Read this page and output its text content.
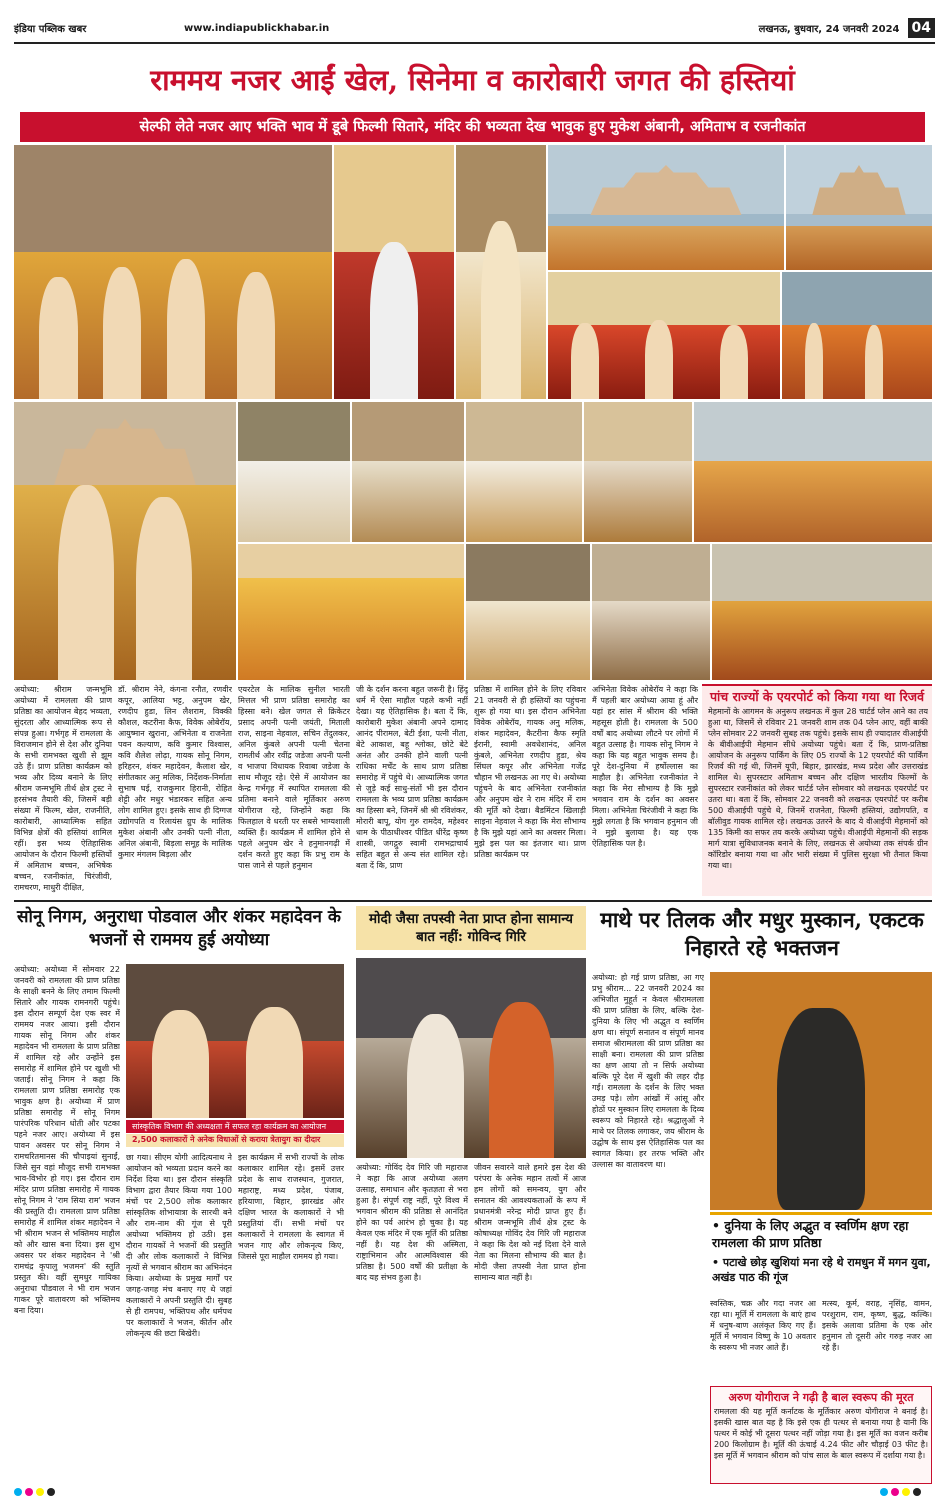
इंडिया पब्लिक खबर	www.indiapublickhabar.in	लखनऊ, बुधवार, 24 जनवरी 2024 04
राममय नजर आईं खेल, सिनेमा व कारोबारी जगत की हस्तियां
सेल्फी लेते नजर आए भक्ति भाव में डूबे फिल्मी सितारे, मंदिर की भव्यता देख भावुक हुए मुकेश अंबानी, अमिताभ व रजनीकांत
अयोध्या: श्रीराम जन्मभूमि अयोध्या में रामलला की प्राण प्रतिष्ठा का आयोजन बेहद भव्यता, सुंदरता और आध्यात्मिक रूप से संपन्न हुआ। गर्भगृह में रामलला के विराजमान होने से देश और दुनिया के सभी रामभक्त खुशी से झूम उठे हैं। प्राण प्रतिष्ठा कार्यक्रम को भव्य और दिव्य बनाने के लिए श्रीराम जन्मभूमि तीर्थ क्षेत्र ट्रस्ट ने हरसंभव तैयारी की, जिसमें बड़ी संख्या में फिल्म, खेल, राजनीति, कारोबारी, आध्यात्मिक सहित विभिन्न क्षेत्रों की हस्तियां शामिल रहीं। इस भव्य ऐतिहासिक आयोजन के दौरान फिल्मी हस्तियों में अमिताभ बच्चन, अभिषेक बच्चन, रजनीकांत, चिरंजीवी, रामचरण, माधुरी दीक्षित,
डॉ. श्रीराम नेने, कंगना रनौत, रणवीर कपूर, आलिया भट्ट, अनुपम खेर, रणदीप हुडा, लिन लैशराम, विक्की कौशल, कटरीना कैफ, विवेक ओबेरॉय, आयुष्मान खुराना, अभिनेता व राजनेता पवन कल्याण, कवि कुमार विश्वास, कवि शैलेश लोढ़ा, गायक सोनू निगम, हरिहरन, शंकर महादेवन, कैलाश खेर, संगीतकार अनु मलिक, निर्देशक-निर्माता सुभाष घई, राजकुमार हिरानी, रोहित शेट्टी और मधुर भंडारकर सहित अन्य लोग शामिल हुए। इसके साथ ही दिग्गज उद्योगपति व रिलायंस ग्रुप के मालिक मुकेश अंबानी और उनकी पत्नी नीता, अनिल अंबानी, बिड़ला समूह के मालिक कुमार मंगलम बिड़ला और
एयरटेल के मालिक सुनील भारती मित्तल भी प्राण प्रतिष्ठा समारोह का हिस्सा बने। खेल जगत से क्रिकेटर प्रसाद अपनी पत्नी जयंती, मिताली राज, साइना नेहवाल, सचिन तेंदुलकर, अनिल कुंबले अपनी पत्नी चेतना रामतीर्थ और रवींद्र जडेजा अपनी पत्नी व भाजपा विधायक रिवाबा जडेजा के साथ मौजूद रहे। ऐसे में आयोजन का केन्द्र गर्भगृह में स्थापित रामलला की प्रतिमा बनाने वाले मूर्तिकार अरुण योगीराज रहे, जिन्होंने कहा कि फिलहाल वे धरती पर सबसे भाग्यशाली व्यक्ति हैं। कार्यक्रम में शामिल होने से पहले अनुपम खेर ने हनुमानगढ़ी में दर्शन करते हुए कहा कि प्रभु राम के पास जाने से पहले हनुमान
जी के दर्शन करना बहुत जरूरी है। हिंदू धर्म में ऐसा माहौल पहले कभी नहीं देखा। यह ऐतिहासिक है। बता दें कि, कारोबारी मुकेश अंबानी अपने दामाद आनंद पीरामल, बेटी ईशा, पत्नी नीता, बेटे आकाश, बहू श्लोका, छोटे बेटे अनंत और उनकी होने वाली पत्नी राधिका मर्चेंट के साथ प्राण प्रतिष्ठा समारोह में पहुंचे थे। आध्यात्मिक जगत से जुड़े कई साधु-संतों भी इस दौरान रामलला के भव्य प्राण प्रतिष्ठा कार्यक्रम का हिस्सा बने, जिनमें श्री श्री रविशंकर, मोरारी बापू, योग गुरु रामदेव, महेश्वर धाम के पीठाधीश्वर पीडित धीरेंद्र कृष्ण शास्त्री, जगद्गुरु स्वामी रामभद्राचार्य सहित बहुत से अन्य संत शामिल रहे। बता दें कि, प्राण
प्रतिष्ठा में शामिल होने के लिए रविवार 21 जनवरी से ही हस्तियों का पहुंचना शुरू हो गया था। इस दौरान अभिनेता विवेक ओबेरॉय, गायक अनु मलिक, शंकर महादेवन, कैटरीना कैफ स्मृति ईरानी, स्वामी अवधेशानंद, अनिल कुंबले, अभिनेता रणदीप हुडा, श्रेय सिंघल कपूर और अभिनेता गजेंद्र चौहान भी लखनऊ आ गए थे। अयोध्या पहुंचने के बाद अभिनेता रजनीकांत और अनुपम खेर ने राम मंदिर में राम की मूर्ति को देखा। बैडमिंटन खिलाड़ी साइना नेहवाल ने कहा कि मेरा सौभाग्य है कि मुझे यहां आने का अवसर मिला। मुझे इस पल का इंतजार था। प्राण प्रतिष्ठा कार्यक्रम पर
अभिनेता विवेक ओबेरॉय ने कहा कि मैं पहली बार अयोध्या आया हूं और यहां हर सांस में श्रीराम की भक्ति महसूस होती है। रामलला के 500 वर्षों बाद अयोध्या लौटने पर लोगों में बहुत उत्साह है। गायक सोनू निगम ने कहा कि यह बहुत भावुक समय है। पूरे देश-दुनिया में हर्षोल्लास का माहौल है। अभिनेता रजनीकांत ने कहा कि मेरा सौभाग्य है कि मुझे भगवान राम के दर्शन का अवसर मिला। अभिनेता चिरंजीवी ने कहा कि मुझे लगता है कि भगवान हनुमान जी ने मुझे बुलाया है। यह एक ऐतिहासिक पल है।
पांच राज्यों के एयरपोर्ट को किया गया था रिजर्व
मेहमानों के आगमन के अनुरूप लखनऊ में कुल 28 चार्टर्ड प्लेन आने का तय हुआ था, जिसमें से रविवार 21 जनवरी शाम तक 04 प्लेन आए, वहीं बाकी प्लेन सोमवार 22 जनवरी सुबह तक पहुंचे। इसके साथ ही ज्यादातर वीआईपी के बीवीआईपी मेहमान सीधे अयोध्या पहुंचे। बता दें कि, प्राण-प्रतिष्ठा आयोजन के अनुरूप पार्किंग के लिए 05 राज्यों के 12 एयरपोर्ट की पार्किंग रिजर्व की गई थी, जिनमें यूपी, बिहार, झारखंड, मध्य प्रदेश और उत्तराखंड शामिल थे। सुपरस्टार अमिताभ बच्चन और दक्षिण भारतीय फिल्मों के सुपरस्टार रजनीकांत को लेकर चार्टर्ड प्लेन सोमवार को लखनऊ एयरपोर्ट पर उतरा था। बता दें कि, सोमवार 22 जनवरी को लखनऊ एयरपोर्ट पर करीब 500 वीआईपी पहुंचे थे, जिनमें राजनेता, फिल्मी हस्तियां, उद्योगपति, व बॉलीवुड गायक शामिल रहे। लखनऊ उतरने के बाद ये वीआईपी मेहमानों को 135 किमी का सफर तय करके अयोध्या पहुंचे। वीआईपी मेहमानों की सड़क मार्ग यात्रा सुविधाजनक बनाने के लिए, लखनऊ से अयोध्या तक संपर्क ग्रीन कॉरिडोर बनाया गया था और भारी संख्या में पुलिस सुरक्षा भी तैनात किया गया था।
सोनू निगम, अनुराधा पोडवाल और शंकर महादेवन के भजनों से राममय हुई अयोध्या
अयोध्या: अयोध्या में सोमवार 22 जनवरी को रामलला की प्राण प्रतिष्ठा के साक्षी बनने के लिए तमाम फिल्मी सितारे और गायक रामनगरी पहुंचे। इस दौरान सम्पूर्ण देश एक स्वर में राममय नजर आया। इसी दौरान गायक सोनू निगम और शंकर महादेवन भी रामलला के प्राण प्रतिष्ठा में शामिल रहे और उन्होंने इस समारोह में शामिल होने पर खुशी भी जताई। सोनू निगम ने कहा कि रामलला प्राण प्रतिष्ठा समारोह एक भावुक क्षण है। अयोध्या में प्राण प्रतिष्ठा समारोह में सोनू निगम पारंपरिक परिधान धोती और पटका पहने नजर आए। अयोध्या में इस पावन अवसर पर सोनू निगम ने रामचरितमानस की चौपाइयां सुनाईं, जिसे सुन वहां मौजूद सभी रामभक्त भाव-विभोर हो गए। इस दौरान राम मंदिर प्राण प्रतिष्ठा समारोह में गायक सोनू निगम ने 'राम सिया राम' भजन की प्रस्तुति दी। रामलला प्राण प्रतिष्ठा समारोह में शामिल शंकर महादेवन ने भी श्रीराम भजन से भक्तिमय माहौल को और खास बना दिया। इस शुभ अवसर पर शंकर महादेवन ने 'श्री रामचंद्र कृपालु भजमन' की स्तुति प्रस्तुत की। वहीं सुमधुर गायिका अनुराधा पौडवाल ने भी राम भजन गाकर पूरे वातावरण को भक्तिमय बना दिया।
सांस्कृतिक विभाग की अध्यक्षता में सफल रहा कार्यक्रम का आयोजन
2,500 कलाकारों ने अनेक विधाओं से कराया त्रेतायुग का दीदार
छा गया। सीएम योगी आदित्यनाथ ने आयोजन को भव्यता प्रदान करने का निर्देश दिया था। इस दौरान संस्कृति विभाग द्वारा तैयार किया गया 100 मंचों पर 2,500 लोक कलाकार सांस्कृतिक शोभायात्रा के सारथी बने और राम-नाम की गूंज से पूरी अयोध्या भक्तिमय हो उठी। इस दौरान गायकों ने भजनों की प्रस्तुति दी और लोक कलाकारों ने विभिन्न नृत्यों से भगवान श्रीराम का अभिनंदन किया। अयोध्या के प्रमुख मार्गों पर जगह-जगह मंच बनाए गए थे जहां कलाकारों ने अपनी प्रस्तुति दी। सुबह से ही रामपथ, भक्तिपथ और धर्मपथ पर कलाकारों ने भजन, कीर्तन और लोकनृत्य की छटा बिखेरी।
इस कार्यक्रम में सभी राज्यों के लोक कलाकार शामिल रहे। इसमें उत्तर प्रदेश के साथ राजस्थान, गुजरात, महाराष्ट्र, मध्य प्रदेश, पंजाब, हरियाणा, बिहार, झारखंड और दक्षिण भारत के कलाकारों ने भी प्रस्तुतियां दीं। सभी मंचों पर कलाकारों ने रामलला के स्वागत में भजन गाए और लोकनृत्य किए, जिससे पूरा माहौल राममय हो गया।
मोदी जैसा तपस्वी नेता प्राप्त होना सामान्य बात नहीं: गोविन्द गिरि
अयोध्या: गोविंद देव गिरि जी महाराज ने कहा कि आज अयोध्या अलग उत्साह, समाधान और कृतज्ञता से भरा हुआ है। संपूर्ण राष्ट्र नहीं, पूरे विश्व में भगवान श्रीराम की प्रतिष्ठा से आनंदित होने का पर्व आरंभ हो चुका है। यह केवल एक मंदिर में एक मूर्ति की प्रतिष्ठा नहीं है। यह देश की अस्मिता, राष्ट्राभिमान और आत्मविश्वास की प्रतिष्ठा है। 500 वर्षों की प्रतीक्षा के बाद यह संभव हुआ है।
जीवन सवारने वाले हमारे इस देश की परंपरा के अनेक महान तत्वों में आज हम लोगों को समन्वय, युग और सनातन की आवश्यकताओं के रूप में प्रधानमंत्री नरेन्द्र मोदी प्राप्त हुए हैं। श्रीराम जन्मभूमि तीर्थ क्षेत्र ट्रस्ट के कोषाध्यक्ष गोविंद देव गिरि जी महाराज ने कहा कि देश को नई दिशा देने वाले नेता का मिलना सौभाग्य की बात है। मोदी जैसा तपस्वी नेता प्राप्त होना सामान्य बात नहीं है।
माथे पर तिलक और मधुर मुस्कान, एकटक निहारते रहे भक्तजन
अयोध्या: हो गई प्राण प्रतिष्ठा, आ गए प्रभु श्रीराम... 22 जनवरी 2024 का अभिजीत मुहूर्त न केवल श्रीरामलला की प्राण प्रतिष्ठा के लिए, बल्कि देश-दुनिया के लिए भी अद्भुत व स्वर्णिम क्षण था। संपूर्ण सनातन व संपूर्ण मानव समाज श्रीरामलला की प्राण प्रतिष्ठा का साक्षी बना। रामलला की प्राण प्रतिष्ठा का क्षण आया तो न सिर्फ अयोध्या बल्कि पूरे देश में खुशी की लहर दौड़ गई। रामलला के दर्शन के लिए भक्त उमड़ पड़े। लोग आंखों में आंसू और होठों पर मुस्कान लिए रामलला के दिव्य स्वरूप को निहारते रहे। श्रद्धालुओं ने माथे पर तिलक लगाकर, जय श्रीराम के उद्घोष के साथ इस ऐतिहासिक पल का स्वागत किया। हर तरफ भक्ति और उल्लास का वातावरण था।
• दुनिया के लिए अद्भुत व स्वर्णिम क्षण रहा रामलला की प्राण प्रतिष्ठा
• पटाखे छोड़ खुशियां मना रहे थे रामधुन में मगन युवा, अखंड पाठ की गूंज
स्वस्तिक, चक्र और गदा नजर आ रहा था। मूर्ति में रामलला के बाएं हाथ में धनुष-बाण अलंकृत किए गए हैं। मूर्ति में भगवान विष्णु के 10 अवतार के स्वरूप भी नजर आते हैं।
मत्स्य, कूर्म, वराह, नृसिंह, वामन, परशुराम, राम, कृष्ण, बुद्ध, कल्कि। इसके अलावा प्रतिमा के एक ओर हनुमान तो दूसरी ओर गरुड़ नजर आ रहे हैं।
अरुण योगीराज ने गढ़ी है बाल स्वरूप की मूरत
रामलला की यह मूर्ति कर्नाटक के मूर्तिकार अरुण योगीराज ने बनाई है। इसकी खास बात यह है कि इसे एक ही पत्थर से बनाया गया है यानी कि पत्थर में कोई भी दूसरा पत्थर नहीं जोड़ा गया है। इस मूर्ति का वजन करीब 200 किलोग्राम है। मूर्ति की ऊंचाई 4.24 फीट और चौड़ाई 03 फीट है। इस मूर्ति में भगवान श्रीराम को पांच साल के बाल स्वरूप में दर्शाया गया है।
